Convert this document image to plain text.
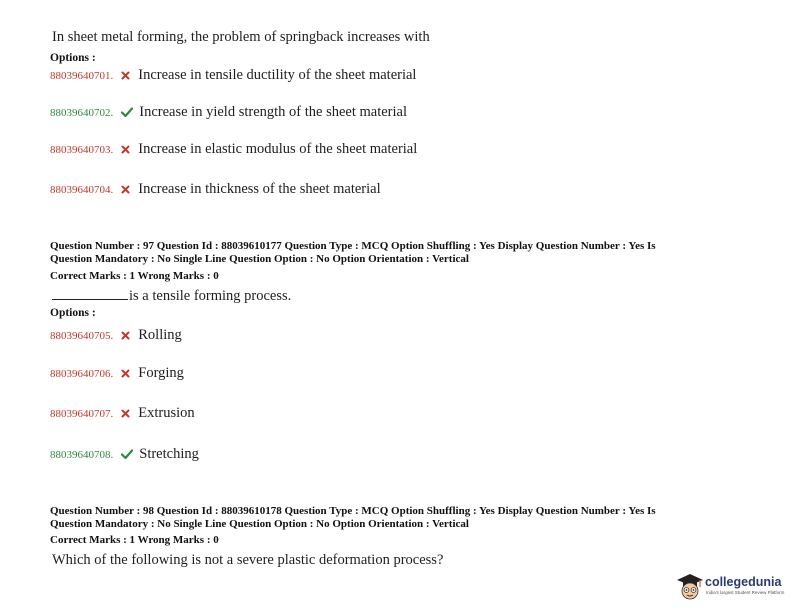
In sheet metal forming, the problem of springback increases with
Options :
88039640701. Increase in tensile ductility of the sheet material
88039640702. Increase in yield strength of the sheet material
88039640703. Increase in elastic modulus of the sheet material
88039640704. Increase in thickness of the sheet material
Question Number : 97 Question Id : 88039610177 Question Type : MCQ Option Shuffling : Yes Display Question Number : Yes Is
Question Mandatory : No Single Line Question Option : No Option Orientation : Vertical
Correct Marks : 1 Wrong Marks : 0
is a tensile forming process.
Options :
88039640705. Rolling
88039640706. Forging
88039640707. Extrusion
88039640708. Stretching
Question Number : 98 Question Id : 88039610178 Question Type : MCQ Option Shuffling : Yes Display Question Number : Yes Is
Question Mandatory : No Single Line Question Option : No Option Orientation : Vertical
Correct Marks : 1 Wrong Marks : 0
Which of the following is not a severe plastic deformation process?
collegedunia
India's largest Student Review Platform
